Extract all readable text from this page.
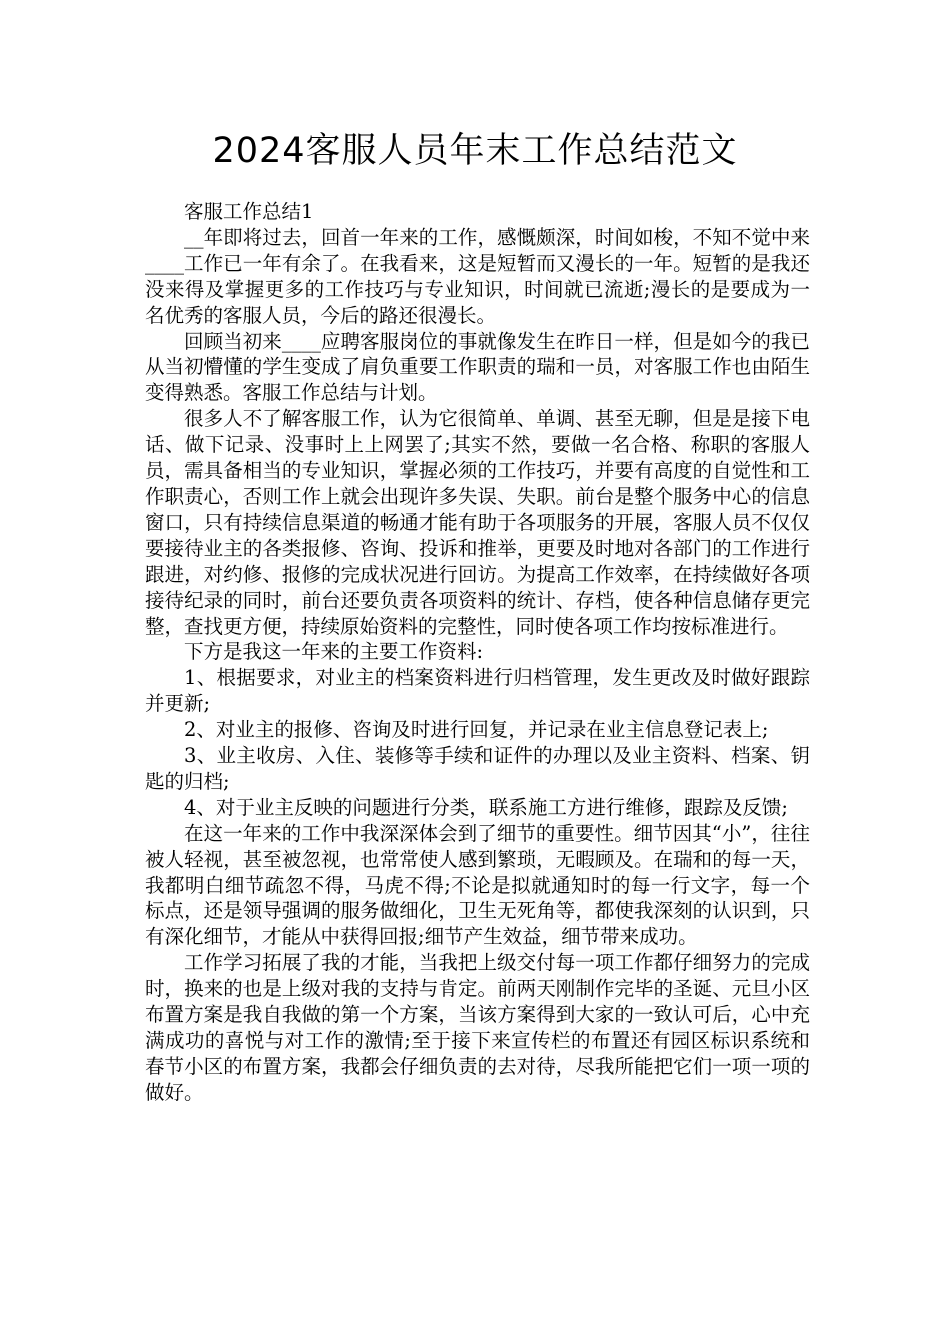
2024客服人员年末工作总结范文

客服工作总结1

__年即将过去，回首一年来的工作，感慨颇深，时间如梭，不知不觉中来____工作已一年有余了。在我看来，这是短暂而又漫长的一年。短暂的是我还没来得及掌握更多的工作技巧与专业知识，时间就已流逝;漫长的是要成为一名优秀的客服人员，今后的路还很漫长。

回顾当初来____应聘客服岗位的事就像发生在昨日一样，但是如今的我已从当初懵懂的学生变成了肩负重要工作职责的瑞和一员，对客服工作也由陌生变得熟悉。客服工作总结与计划。

很多人不了解客服工作，认为它很简单、单调、甚至无聊，但是是接下电话、做下记录、没事时上上网罢了;其实不然，要做一名合格、称职的客服人员，需具备相当的专业知识，掌握必须的工作技巧，并要有高度的自觉性和工作职责心，否则工作上就会出现许多失误、失职。前台是整个服务中心的信息窗口，只有持续信息渠道的畅通才能有助于各项服务的开展，客服人员不仅仅要接待业主的各类报修、咨询、投诉和推举，更要及时地对各部门的工作进行跟进，对约修、报修的完成状况进行回访。为提高工作效率，在持续做好各项接待纪录的同时，前台还要负责各项资料的统计、存档，使各种信息储存更完整，查找更方便，持续原始资料的完整性，同时使各项工作均按标准进行。

下方是我这一年来的主要工作资料:

1、根据要求，对业主的档案资料进行归档管理，发生更改及时做好跟踪并更新;

2、对业主的报修、咨询及时进行回复，并记录在业主信息登记表上;

3、业主收房、入住、装修等手续和证件的办理以及业主资料、档案、钥匙的归档;

4、对于业主反映的问题进行分类，联系施工方进行维修，跟踪及反馈;

在这一年来的工作中我深深体会到了细节的重要性。细节因其“小”，往往被人轻视，甚至被忽视，也常常使人感到繁琐，无暇顾及。在瑞和的每一天，我都明白细节疏忽不得，马虎不得;不论是拟就通知时的每一行文字，每一个标点，还是领导强调的服务做细化，卫生无死角等，都使我深刻的认识到，只有深化细节，才能从中获得回报;细节产生效益，细节带来成功。

工作学习拓展了我的才能，当我把上级交付每一项工作都仔细努力的完成时，换来的也是上级对我的支持与肯定。前两天刚制作完毕的圣诞、元旦小区布置方案是我自我做的第一个方案，当该方案得到大家的一致认可后，心中充满成功的喜悦与对工作的激情;至于接下来宣传栏的布置还有园区标识系统和春节小区的布置方案，我都会仔细负责的去对待，尽我所能把它们一项一项的做好。
